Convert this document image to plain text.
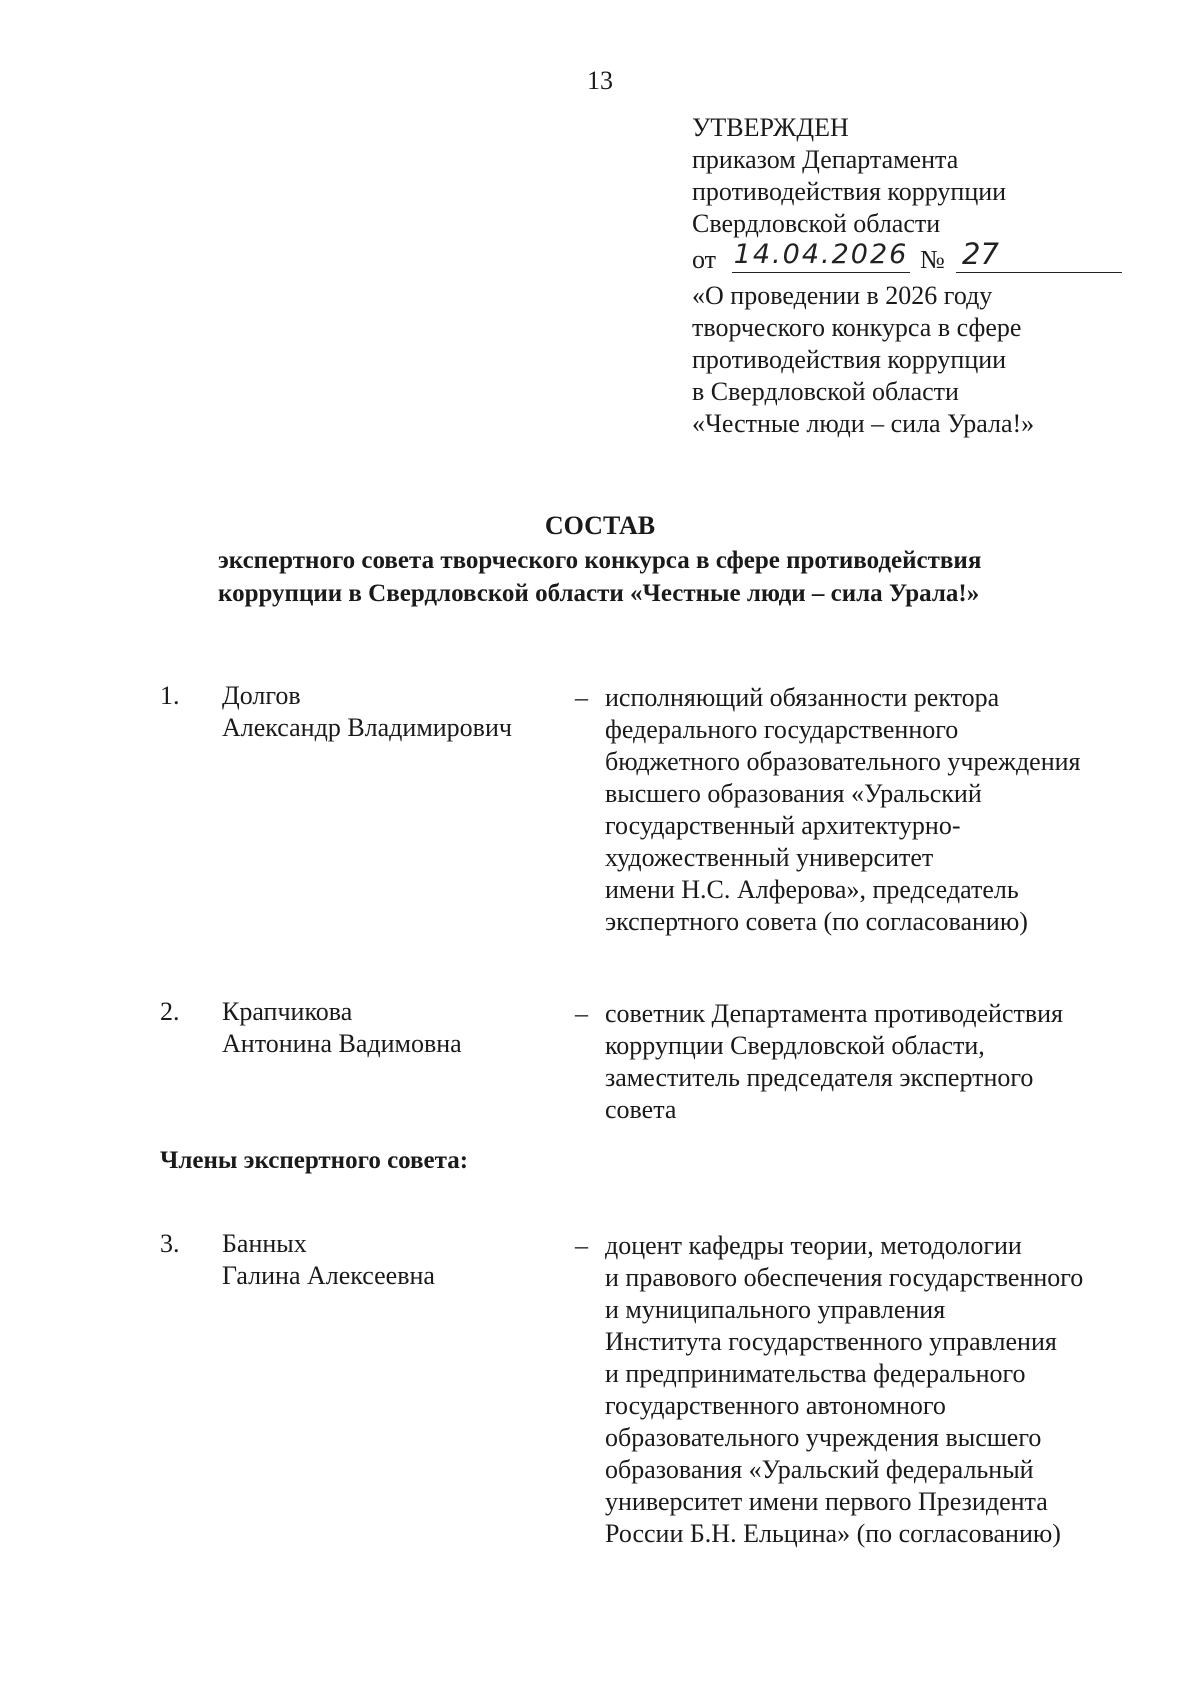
13
УТВЕРЖДЕН
приказом Департамента
противодействия коррупции
Свердловской области
от 14.04.2026 № 27
«О проведении в 2026 году
творческого конкурса в сфере
противодействия коррупции
в Свердловской области
«Честные люди – сила Урала!»
СОСТАВ
экспертного совета творческого конкурса в сфере противодействия
коррупции в Свердловской области «Честные люди – сила Урала!»
1. Долгов
Александр Владимирович
– исполняющий обязанности ректора
федерального государственного
бюджетного образовательного учреждения
высшего образования «Уральский
государственный архитектурно-
художественный университет
имени Н.С. Алферова», председатель
экспертного совета (по согласованию)
2. Крапчикова
Антонина Вадимовна
– советник Департамента противодействия
коррупции Свердловской области,
заместитель председателя экспертного
совета
Члены экспертного совета:
3. Банных
Галина Алексеевна
– доцент кафедры теории, методологии
и правового обеспечения государственного
и муниципального управления
Института государственного управления
и предпринимательства федерального
государственного автономного
образовательного учреждения высшего
образования «Уральский федеральный
университет имени первого Президента
России Б.Н. Ельцина» (по согласованию)
